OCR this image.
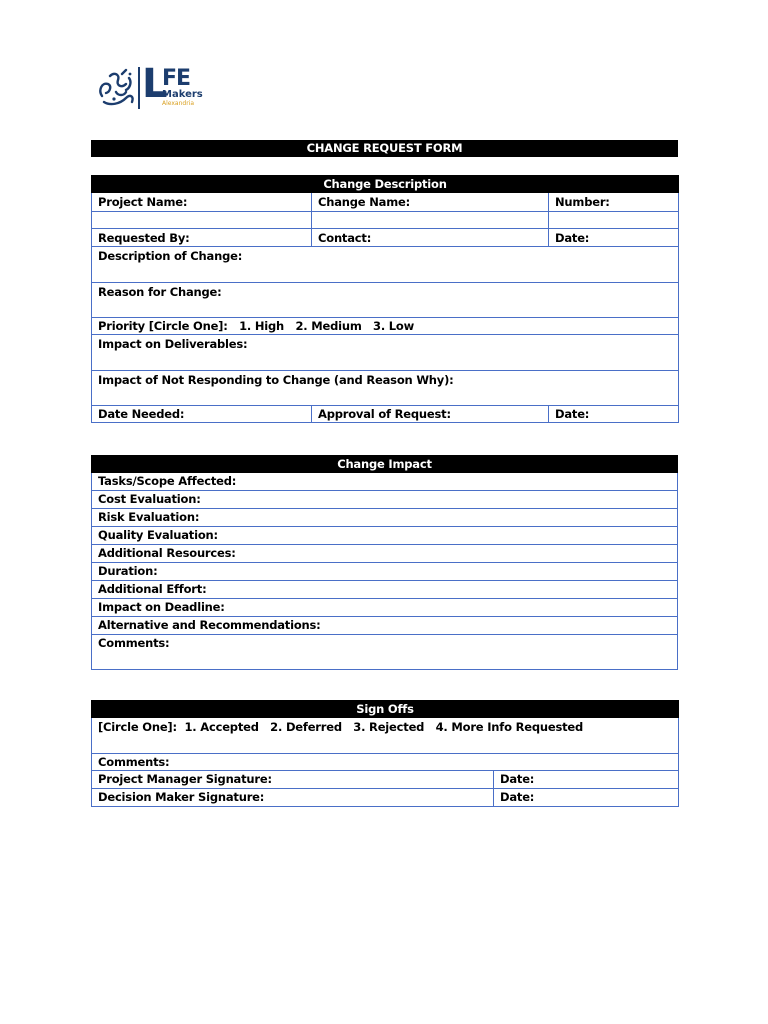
L
FE
Makers
Alexandria
CHANGE REQUEST FORM
Change Description		
Project Name:	Change Name:	Number:

Requested By:	Contact:	Date:
Description of Change:		
Reason for Change:		
Priority [Circle One]: 1. High   2. Medium   3. Low		
Impact on Deliverables:		
Impact of Not Responding to Change (and Reason Why):		
Date Needed:	Approval of Request:	Date:
Change Impact
Tasks/Scope Affected:
Cost Evaluation:
Risk Evaluation:
Quality Evaluation:
Additional Resources:
Duration:
Additional Effort:
Impact on Deadline:
Alternative and Recommendations:
Comments:
Sign Offs	
[Circle One]:  1. Accepted   2. Deferred   3. Rejected   4. More Info Requested	
Comments:	
Project Manager Signature:	Date:
Decision Maker Signature:	Date:
